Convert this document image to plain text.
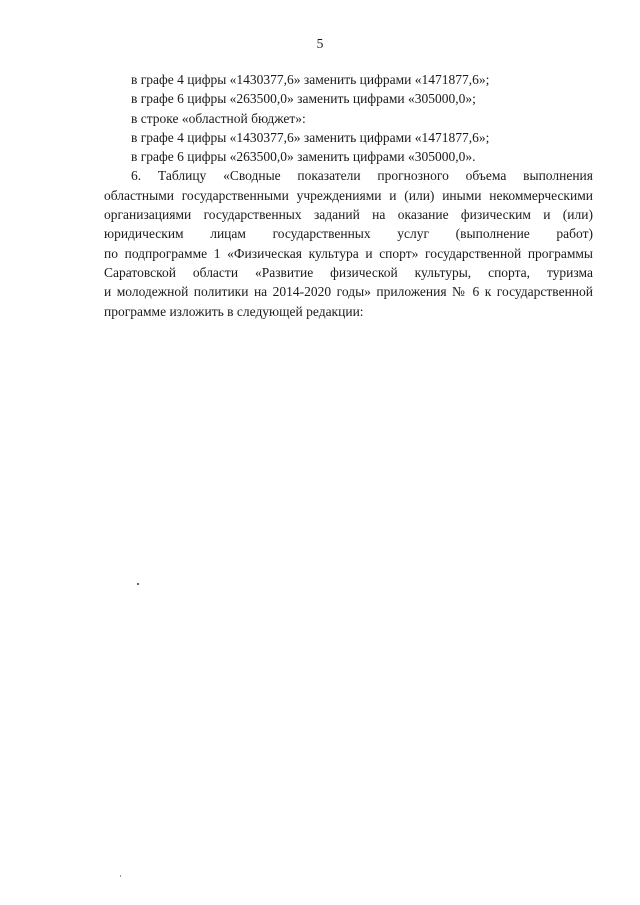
5
в графе 4 цифры «1430377,6» заменить цифрами «1471877,6»;
в графе 6 цифры «263500,0» заменить цифрами «305000,0»;
в строке «областной бюджет»:
в графе 4 цифры «1430377,6» заменить цифрами «1471877,6»;
в графе 6 цифры «263500,0» заменить цифрами «305000,0».
6. Таблицу «Сводные показатели прогнозного объема выполнения
областными государственными учреждениями и (или) иными некоммерческими
организациями государственных заданий на оказание физическим и (или)
юридическим лицам государственных услуг (выполнение работ)
по подпрограмме 1 «Физическая культура и спорт» государственной программы
Саратовской области «Развитие физической культуры, спорта, туризма
и молодежной политики на 2014-2020 годы» приложения № 6 к государственной
программе изложить в следующей редакции:
